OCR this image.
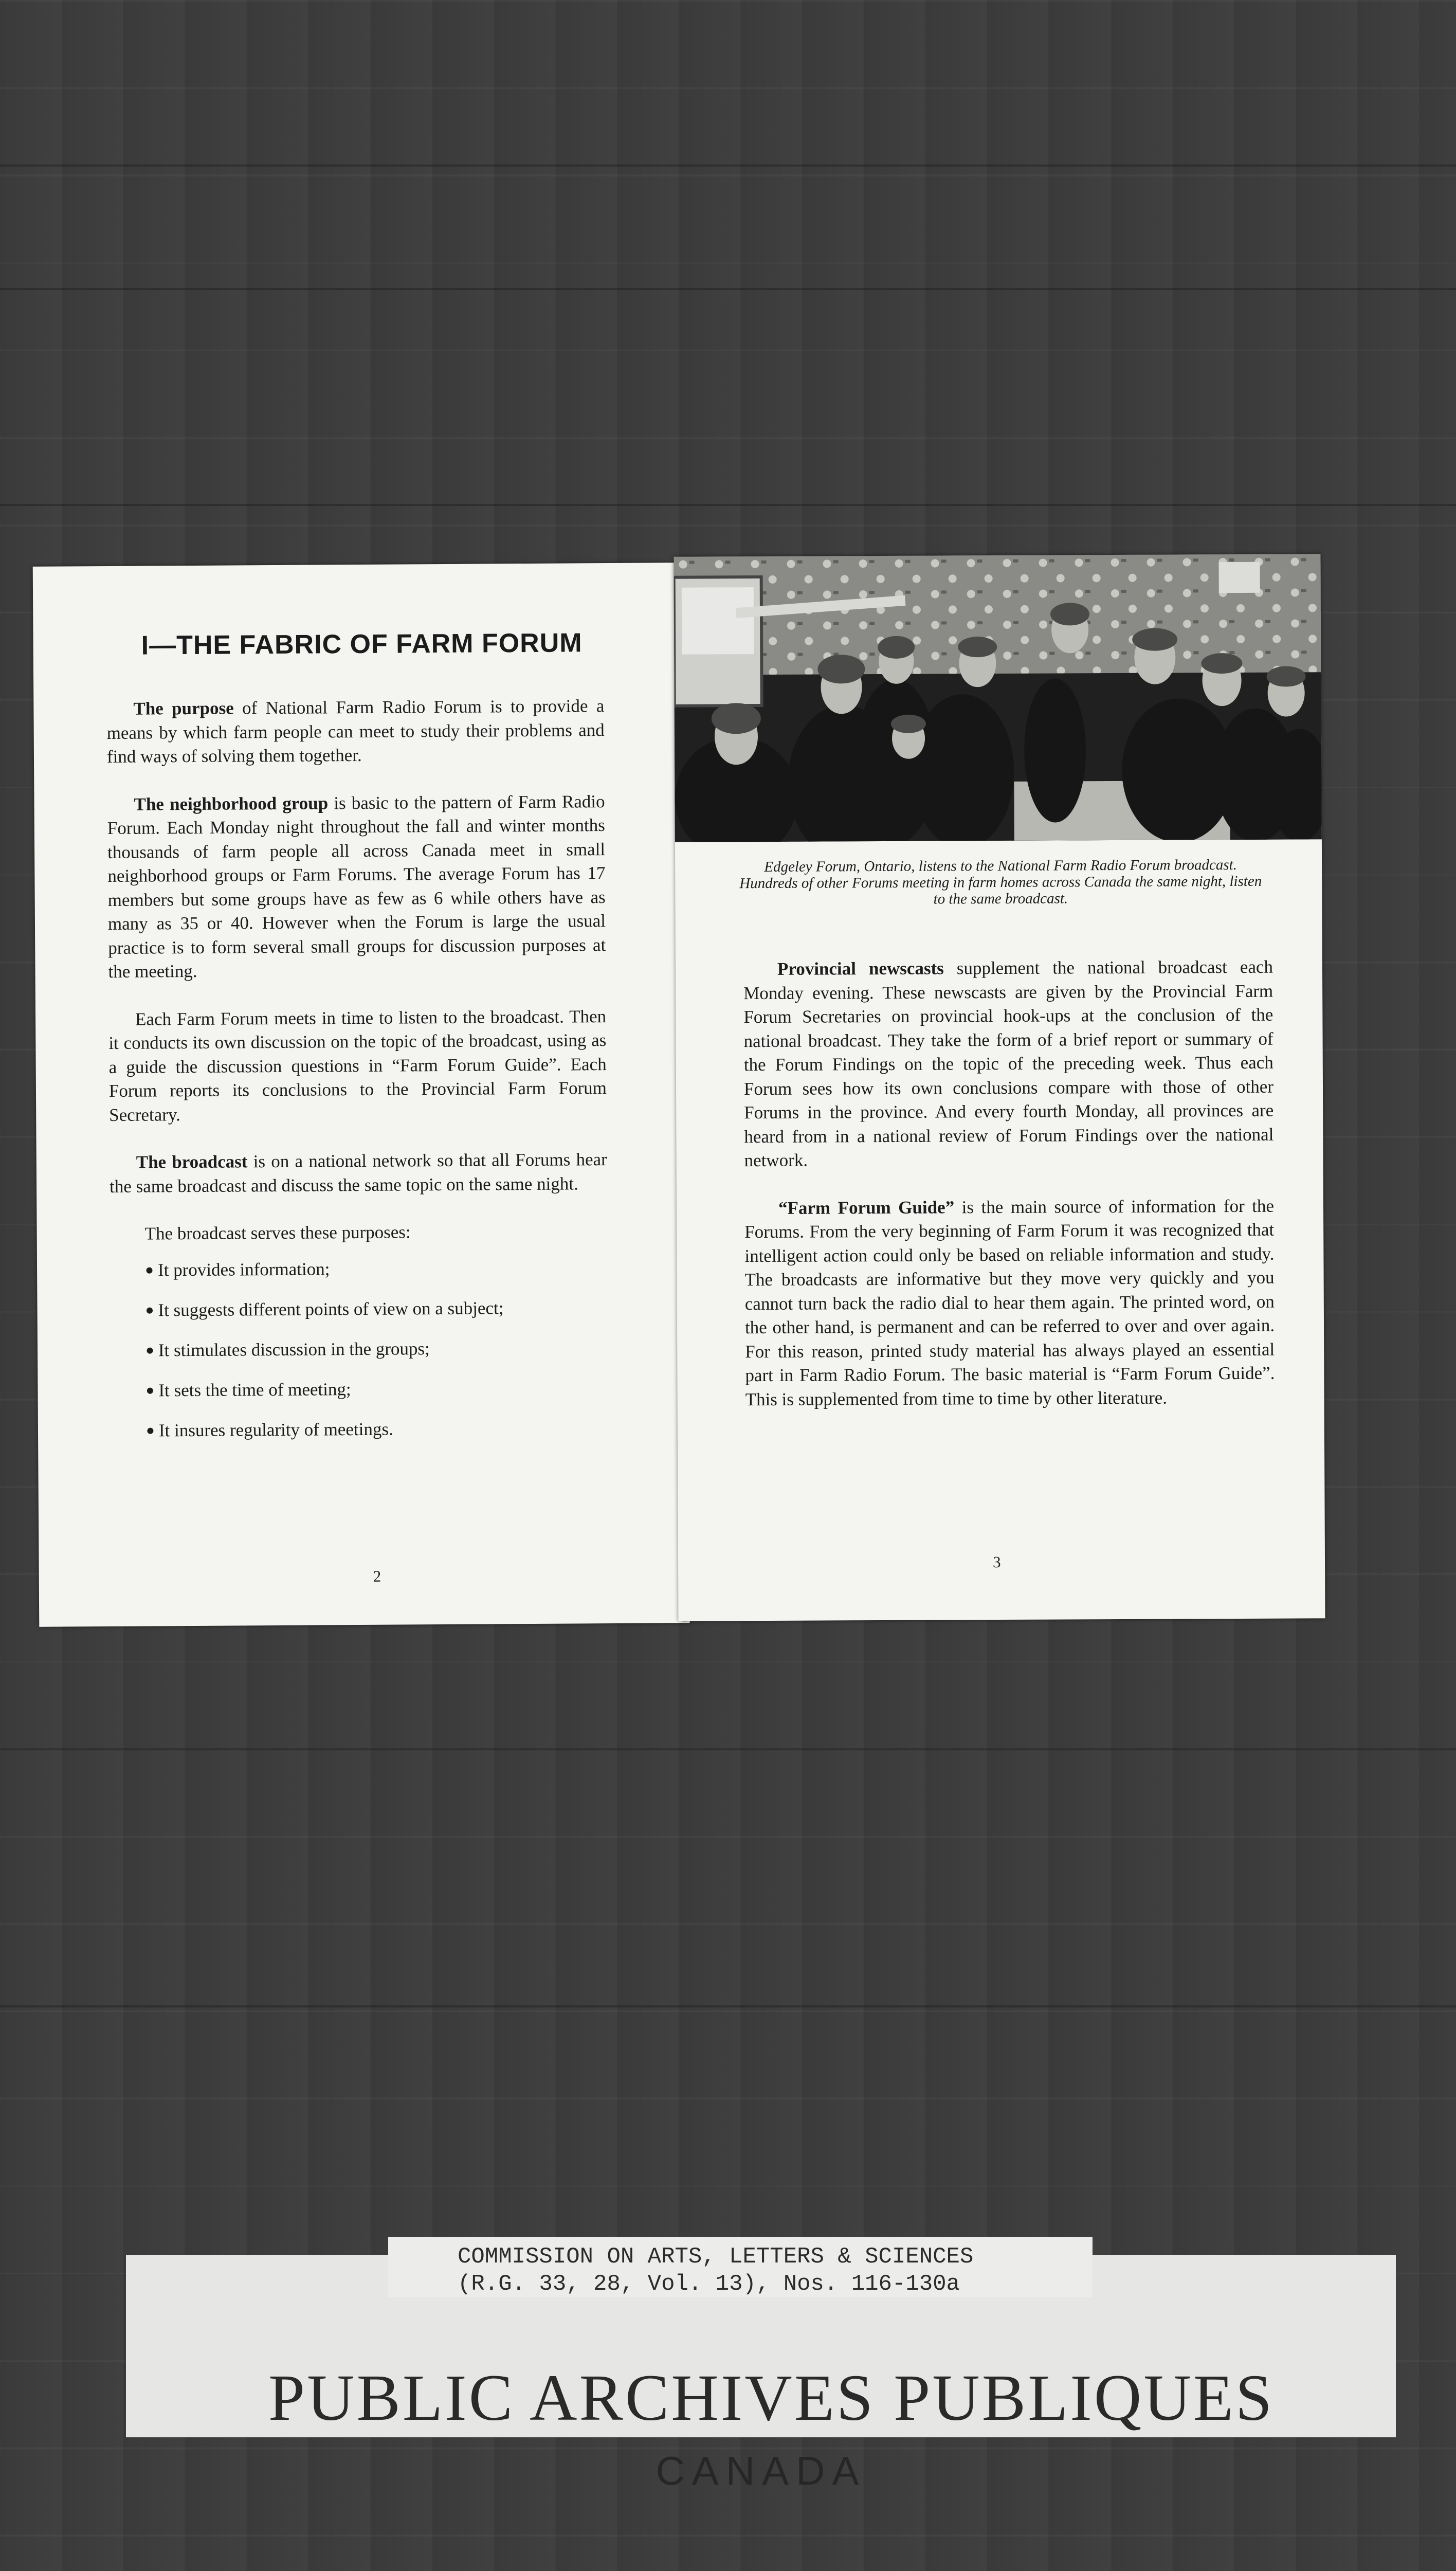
I—THE FABRIC OF FARM FORUM

The purpose of National Farm Radio Forum is to provide a means by which farm people can meet to study their problems and find ways of solving them together.

The neighborhood group is basic to the pattern of Farm Radio Forum. Each Monday night throughout the fall and winter months thousands of farm people all across Canada meet in small neighborhood groups or Farm Forums. The average Forum has 17 members but some groups have as few as 6 while others have as many as 35 or 40. However when the Forum is large the usual practice is to form several small groups for discussion purposes at the meeting.

Each Farm Forum meets in time to listen to the broadcast. Then it conducts its own discussion on the topic of the broadcast, using as a guide the discussion questions in “Farm Forum Guide”. Each Forum reports its conclusions to the Provincial Farm Forum Secretary.

The broadcast is on a national network so that all Forums hear the same broadcast and discuss the same topic on the same night.

The broadcast serves these purposes:

● It provides information;
● It suggests different points of view on a subject;
● It stimulates discussion in the groups;
● It sets the time of meeting;
● It insures regularity of meetings.
2

Edgeley Forum, Ontario, listens to the National Farm Radio Forum broadcast. Hundreds of other Forums meeting in farm homes across Canada the same night, listen to the same broadcast.

Provincial newscasts supplement the national broadcast each Monday evening. These newscasts are given by the Provincial Farm Forum Secretaries on provincial hook-ups at the conclusion of the national broadcast. They take the form of a brief report or summary of the Forum Findings on the topic of the preceding week. Thus each Forum sees how its own conclusions compare with those of other Forums in the province. And every fourth Monday, all provinces are heard from in a national review of Forum Findings over the national network.

“Farm Forum Guide” is the main source of information for the Forums. From the very beginning of Farm Forum it was recognized that intelligent action could only be based on reliable information and study. The broadcasts are informative but they move very quickly and you cannot turn back the radio dial to hear them again. The printed word, on the other hand, is permanent and can be referred to over and over again. For this reason, printed study material has always played an essential part in Farm Radio Forum. The basic material is “Farm Forum Guide”. This is supplemented from time to time by other literature.

3

COMMISSION ON ARTS, LETTERS & SCIENCES
(R.G. 33, 28, Vol. 13), Nos. 116-130a

PUBLIC ARCHIVES PUBLIQUES

CANADA
